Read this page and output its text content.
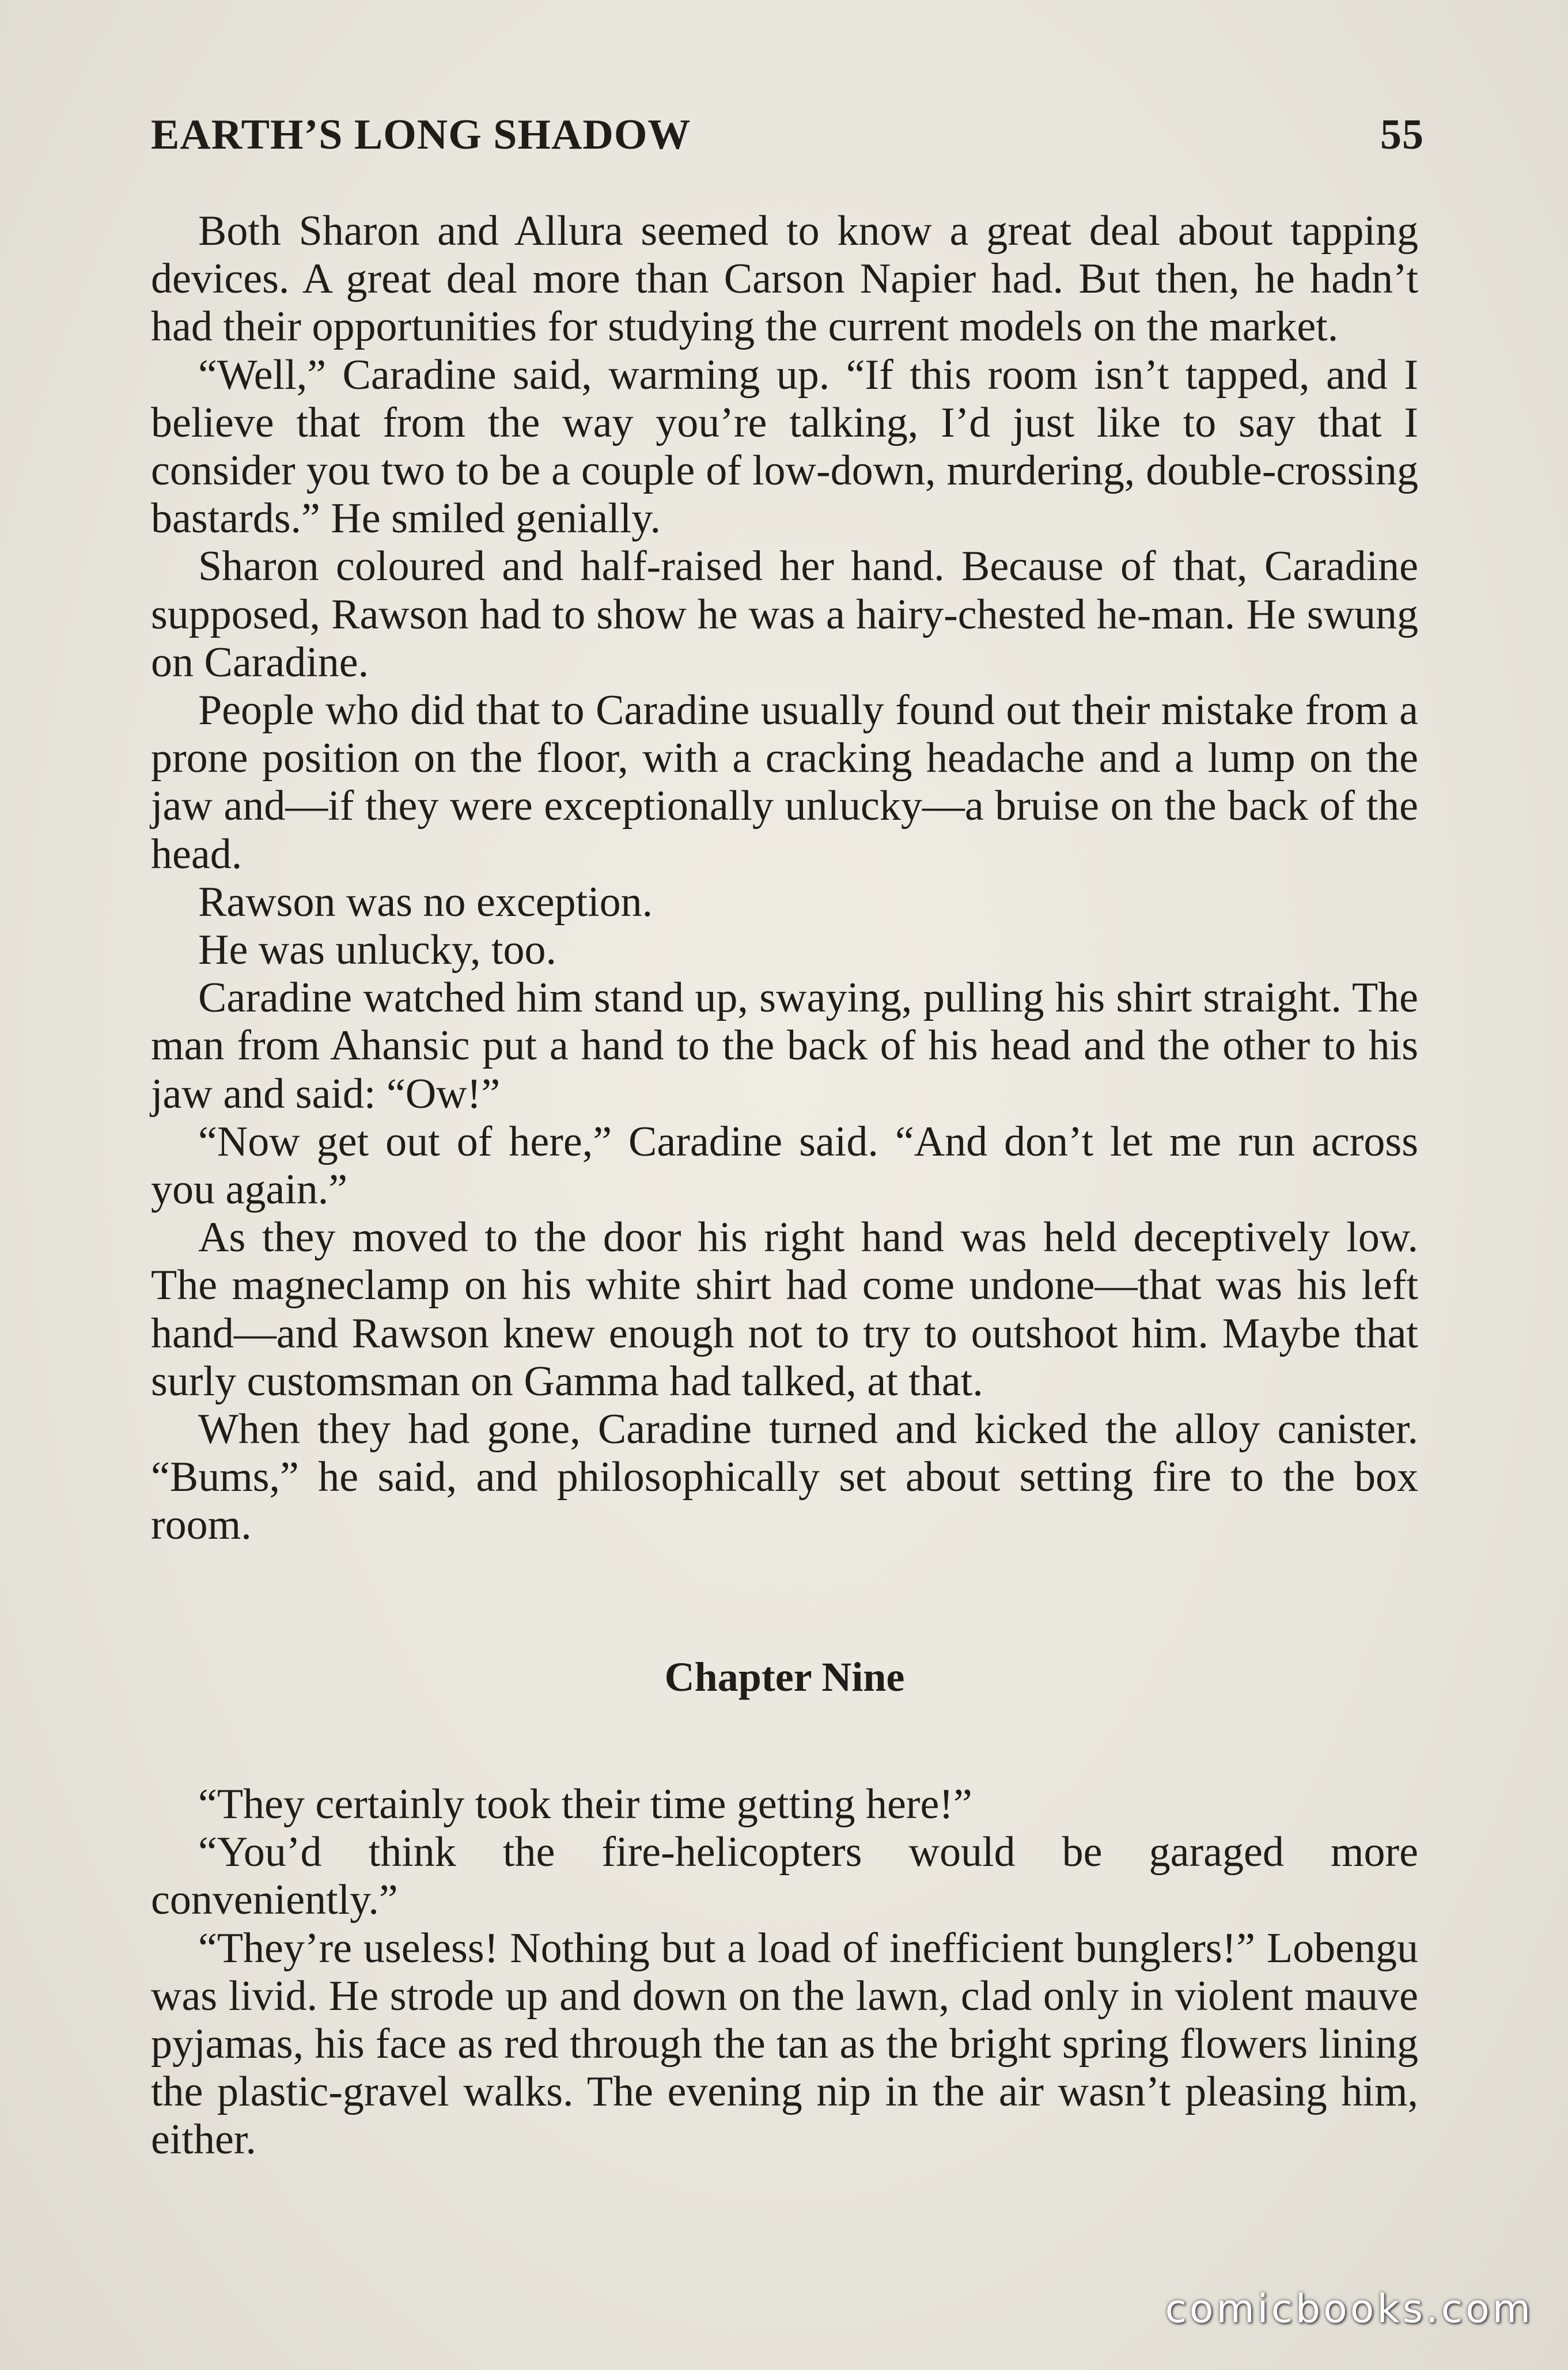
EARTH’S LONG SHADOW	55

Both Sharon and Allura seemed to know a great deal about tapping devices. A great deal more than Carson Napier had. But then, he hadn’t had their opportunities for studying the current models on the market.

“Well,” Caradine said, warming up. “If this room isn’t tapped, and I believe that from the way you’re talking, I’d just like to say that I consider you two to be a couple of low-down, murdering, double-crossing bastards.” He smiled genially.

Sharon coloured and half-raised her hand. Because of that, Caradine supposed, Rawson had to show he was a hairy-chested he-man. He swung on Caradine.

People who did that to Caradine usually found out their mistake from a prone position on the floor, with a cracking headache and a lump on the jaw and—if they were exceptionally unlucky—a bruise on the back of the head.

Rawson was no exception.

He was unlucky, too.

Caradine watched him stand up, swaying, pulling his shirt straight. The man from Ahansic put a hand to the back of his head and the other to his jaw and said: “Ow!”

“Now get out of here,” Caradine said. “And don’t let me run across you again.”

As they moved to the door his right hand was held deceptively low. The magneclamp on his white shirt had come undone—that was his left hand—and Rawson knew enough not to try to outshoot him. Maybe that surly customsman on Gamma had talked, at that.

When they had gone, Caradine turned and kicked the alloy canister. “Bums,” he said, and philosophically set about setting fire to the box room.

Chapter Nine

“They certainly took their time getting here!”

“You’d think the fire-helicopters would be garaged more conveniently.”

“They’re useless! Nothing but a load of inefficient bunglers!” Lobengu was livid. He strode up and down on the lawn, clad only in violent mauve pyjamas, his face as red through the tan as the bright spring flowers lining the plastic-gravel walks. The evening nip in the air wasn’t pleasing him, either.

comicbooks.com
